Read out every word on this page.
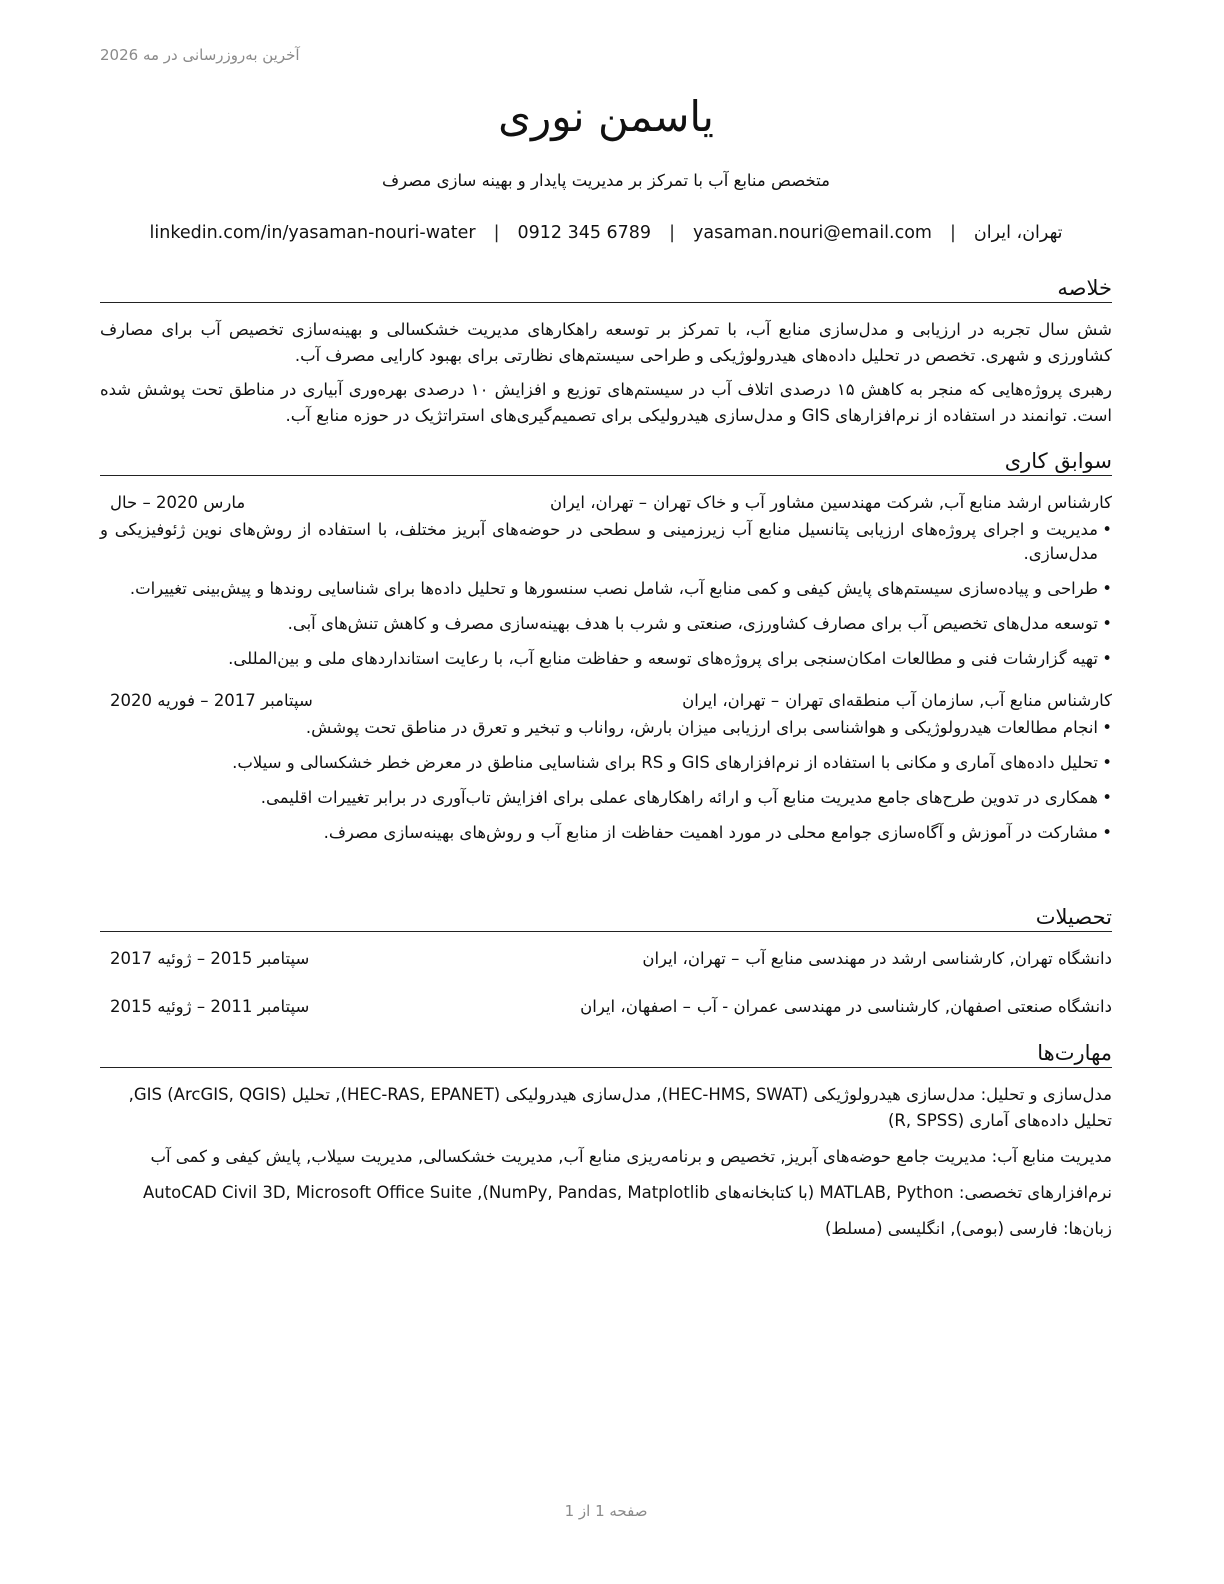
آخرین به‌روزرسانی در مه 2026
یاسمن نوری
متخصص منابع آب با تمرکز بر مدیریت پایدار و بهینه سازی مصرف
تهران، ایران
|
yasaman.nouri@email.com
|
0912 345 6789
|
linkedin.com/in/yasaman-nouri-water
خلاصه

شش سال تجربه در ارزیابی و مدل‌سازی منابع آب، با تمرکز بر توسعه راهکارهای مدیریت خشکسالی و بهینه‌سازی تخصیص آب برای مصارف کشاورزی و شهری. تخصص در تحلیل داده‌های هیدرولوژیکی و طراحی سیستم‌های نظارتی برای بهبود کارایی مصرف آب.

رهبری پروژه‌هایی که منجر به کاهش ۱۵ درصدی اتلاف آب در سیستم‌های توزیع و افزایش ۱۰ درصدی بهره‌وری آبیاری در مناطق تحت پوشش شده است. توانمند در استفاده از نرم‌افزارهای GIS و مدل‌سازی هیدرولیکی برای تصمیم‌گیری‌های استراتژیک در حوزه منابع آب.

سوابق کاری
کارشناس ارشد منابع آب, شرکت مهندسین مشاور آب و خاک تهران
– تهران، ایران
مارس 2020 – حال
• مدیریت و اجرای پروژه‌های ارزیابی پتانسیل منابع آب زیرزمینی و سطحی در حوضه‌های آبریز مختلف، با استفاده از روش‌های نوین ژئوفیزیکی و مدل‌سازی.
• طراحی و پیاده‌سازی سیستم‌های پایش کیفی و کمی منابع آب، شامل نصب سنسورها و تحلیل داده‌ها برای شناسایی روندها و پیش‌بینی تغییرات.
• توسعه مدل‌های تخصیص آب برای مصارف کشاورزی، صنعتی و شرب با هدف بهینه‌سازی مصرف و کاهش تنش‌های آبی.
• تهیه گزارشات فنی و مطالعات امکان‌سنجی برای پروژه‌های توسعه و حفاظت منابع آب، با رعایت استانداردهای ملی و بین‌المللی.
کارشناس منابع آب, سازمان آب منطقه‌ای تهران
– تهران، ایران
سپتامبر 2017 – فوریه 2020
• انجام مطالعات هیدرولوژیکی و هواشناسی برای ارزیابی میزان بارش، رواناب و تبخیر و تعرق در مناطق تحت پوشش.
• تحلیل داده‌های آماری و مکانی با استفاده از نرم‌افزارهای GIS و RS برای شناسایی مناطق در معرض خطر خشکسالی و سیلاب.
• همکاری در تدوین طرح‌های جامع مدیریت منابع آب و ارائه راهکارهای عملی برای افزایش تاب‌آوری در برابر تغییرات اقلیمی.
• مشارکت در آموزش و آگاه‌سازی جوامع محلی در مورد اهمیت حفاظت از منابع آب و روش‌های بهینه‌سازی مصرف.
تحصیلات
دانشگاه تهران, کارشناسی ارشد در مهندسی منابع آب
– تهران، ایران
سپتامبر 2015 – ژوئیه 2017
دانشگاه صنعتی اصفهان, کارشناسی در مهندسی عمران - آب
– اصفهان، ایران
سپتامبر 2011 – ژوئیه 2015
مهارت‌ها

مدل‌سازی و تحلیل: مدل‌سازی هیدرولوژیکی (HEC-HMS, SWAT), مدل‌سازی هیدرولیکی (HEC-RAS, EPANET), تحلیل GIS (ArcGIS, QGIS), تحلیل داده‌های آماری (R, SPSS)

مدیریت منابع آب: مدیریت جامع حوضه‌های آبریز, تخصیص و برنامه‌ریزی منابع آب, مدیریت خشکسالی, مدیریت سیلاب, پایش کیفی و کمی آب

نرم‌افزارهای تخصصی: MATLAB, Python (با کتابخانه‌های NumPy, Pandas, Matplotlib), AutoCAD Civil 3D, Microsoft Office Suite

زبان‌ها: فارسی (بومی), انگلیسی (مسلط)

صفحه 1 از 1
